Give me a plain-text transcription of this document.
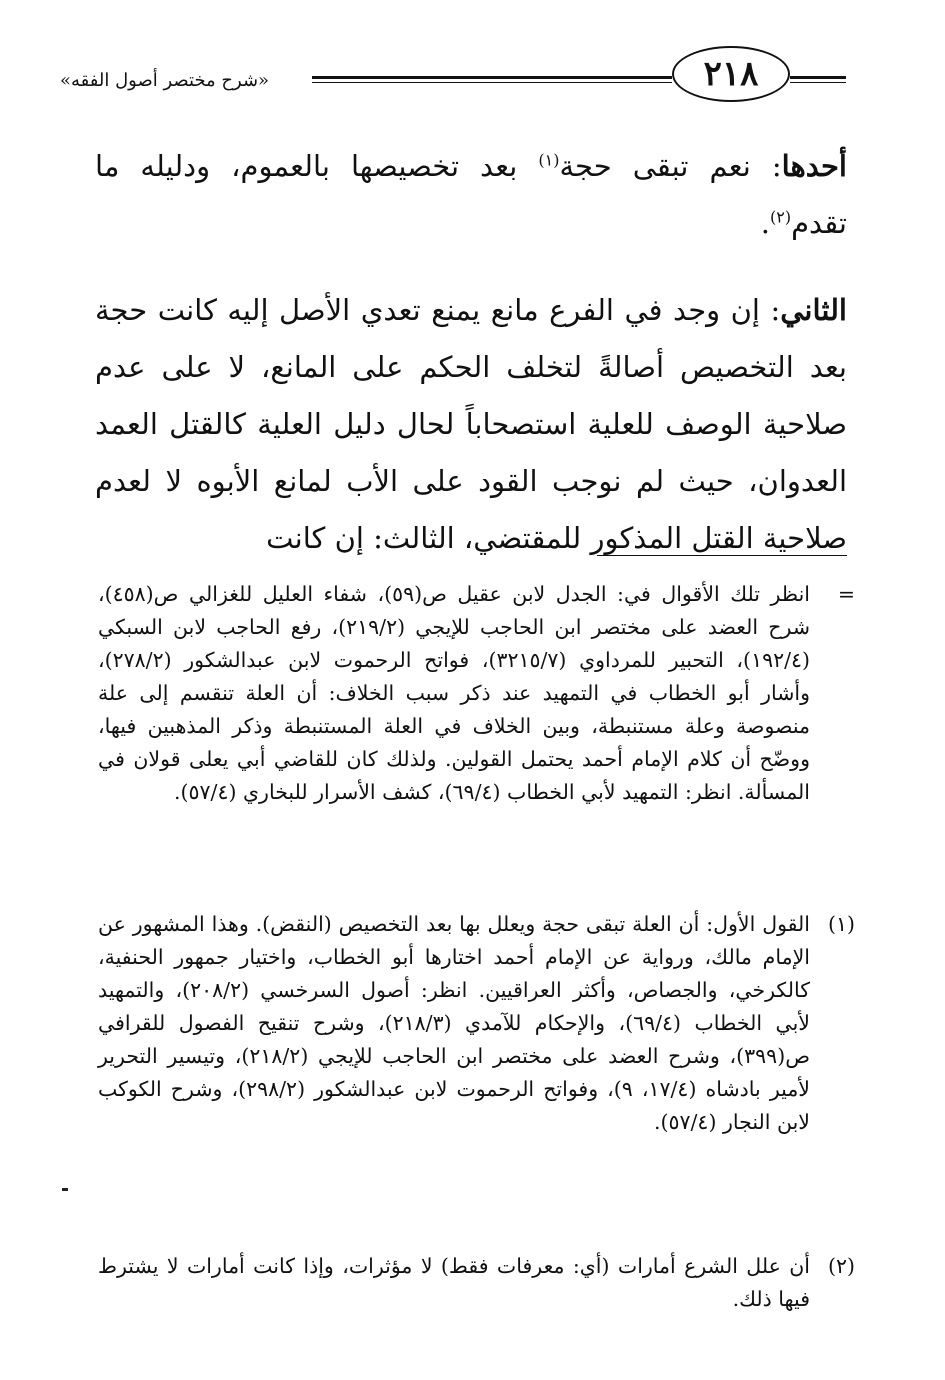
٢١٨
«شرح مختصر أصول الفقه»
أحدها: نعم تبقى حجة$^{(١)}$ بعد تخصيصها بالعموم، ودليله ما تقدم$^{(٢)}$.
الثاني: إن وجد في الفرع مانع يمنع تعدي الأصل إليه كانت حجة بعد التخصيص أصالةً لتخلف الحكم على المانع، لا على عدم صلاحية الوصف للعلية استصحاباً لحال دليل العلية كالقتل العمد العدوان، حيث لم نوجب القود على الأب لمانع الأبوه لا لعدم صلاحية القتل المذكور للمقتضي، الثالث: إن كانت
=
انظر تلك الأقوال في: الجدل لابن عقيل ص(٥٩)، شفاء العليل للغزالي ص(٤٥٨)، شرح العضد على مختصر ابن الحاجب للإيجي (٢١٩/٢)، رفع الحاجب لابن السبكي (١٩٢/٤)، التحبير للمرداوي (٣٢١٥/٧)، فواتح الرحموت لابن عبدالشكور (٢٧٨/٢)، وأشار أبو الخطاب في التمهيد عند ذكر سبب الخلاف: أن العلة تنقسم إلى علة منصوصة وعلة مستنبطة، وبين الخلاف في العلة المستنبطة وذكر المذهبين فيها، ووضّح أن كلام الإمام أحمد يحتمل القولين. ولذلك كان للقاضي أبي يعلى قولان في المسألة. انظر: التمهيد لأبي الخطاب (٦٩/٤)، كشف الأسرار للبخاري (٥٧/٤).
(١)
القول الأول: أن العلة تبقى حجة ويعلل بها بعد التخصيص (النقض). وهذا المشهور عن الإمام مالك، ورواية عن الإمام أحمد اختارها أبو الخطاب، واختيار جمهور الحنفية، كالكرخي، والجصاص، وأكثر العراقيين. انظر: أصول السرخسي (٢٠٨/٢)، والتمهيد لأبي الخطاب (٦٩/٤)، والإحكام للآمدي (٢١٨/٣)، وشرح تنقيح الفصول للقرافي ص(٣٩٩)، وشرح العضد على مختصر ابن الحاجب للإيجي (٢١٨/٢)، وتيسير التحرير لأمير بادشاه (١٧/٤، ٩)، وفواتح الرحموت لابن عبدالشكور (٢٩٨/٢)، وشرح الكوكب لابن النجار (٥٧/٤).
(٢)
أن علل الشرع أمارات (أي: معرفات فقط) لا مؤثرات، وإذا كانت أمارات لا يشترط فيها ذلك.
